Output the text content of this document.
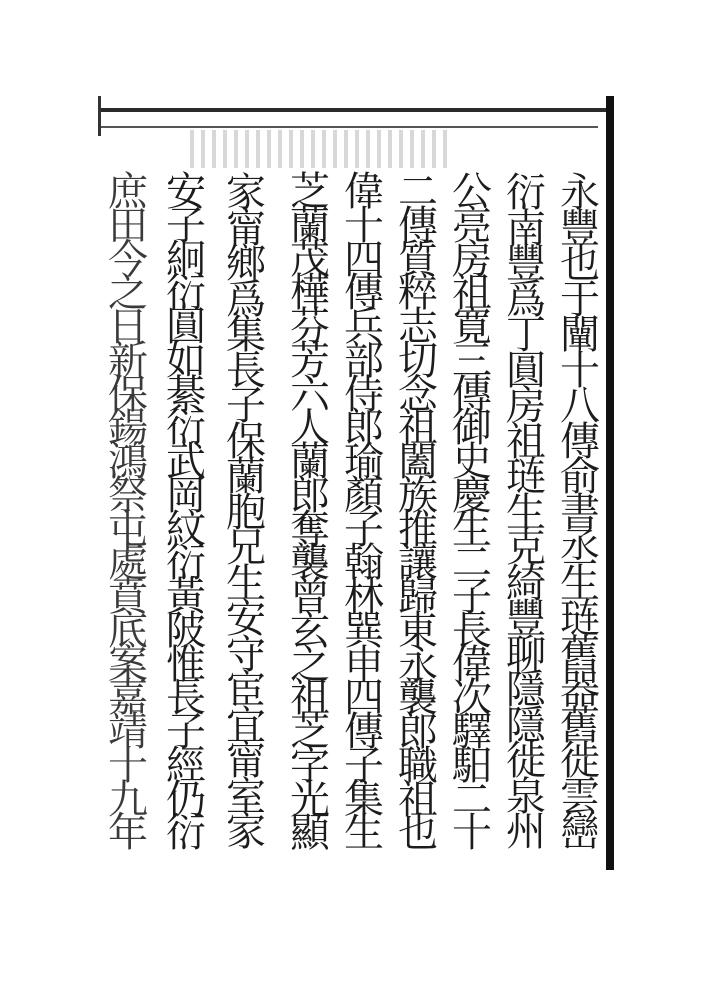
永
豐
也
于
闡
十
八
傳
俞
書
丞
生
琏
舊
器
舊
徙
雲
巒
衍
南
豐
爲
丁
圓
房
祖
琏
生
克
綺
豐
聊
隱
隱
徙
泉
州
公
亮
房
祖
寛
三
傳
御
史
慶
生
二
子
長
偉
次
驛
馹
二
十
二
傳
質
粹
志
切
念
祖
闔
族
推
讓
歸
東
永
襲
郎
職
祖
也
偉
十
四
傳
兵
部
侍
郎
瑜
顏
子
翰
林
巽
申
四
傳
子
集
生
芝
蘭
茂
樺
芬
芳
六
人
蘭
郎
奪
襲
曾
玄
之
祖
芝
字
光
顯
家
甯
鄉
爲
集
長
子
保
蘭
胞
兄
生
安
守
宦
宜
甯
室
家
安
子
絅
衍
圓
如
綦
衍
武
岡
紋
衍
黃
陂
惟
長
子
經
仍
衍
庶
田
今
之
日
新
保
鍚
鴻
祭
屯
處
賁
底
案
嘉
靖
十
九
年
